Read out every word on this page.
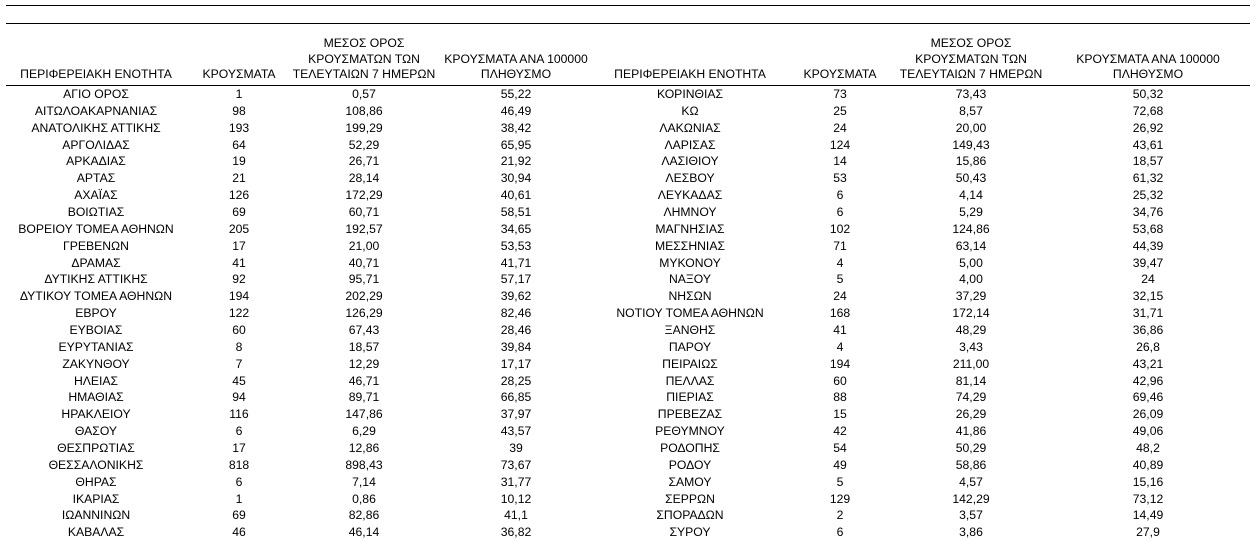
ΠΕΡΙΦΕΡΕΙΑΚΗ ΕΝΟΤΗΤΑ	ΚΡΟΥΣΜΑΤΑ	ΜΕΣΟΣ ΟΡΟΣ
ΚΡΟΥΣΜΑΤΩΝ ΤΩΝ
ΤΕΛΕΥΤΑΙΩΝ 7 ΗΜΕΡΩΝ	ΚΡΟΥΣΜΑΤΑ ΑΝΑ 100000
ΠΛΗΘΥΣΜΟ	ΠΕΡΙΦΕΡΕΙΑΚΗ ΕΝΟΤΗΤΑ	ΚΡΟΥΣΜΑΤΑ	ΜΕΣΟΣ ΟΡΟΣ
ΚΡΟΥΣΜΑΤΩΝ ΤΩΝ
ΤΕΛΕΥΤΑΙΩΝ 7 ΗΜΕΡΩΝ	ΚΡΟΥΣΜΑΤΑ ΑΝΑ 100000
ΠΛΗΘΥΣΜΟ
ΑΓΙΟ ΟΡΟΣ	1	0,57	55,22	ΚΟΡΙΝΘΙΑΣ	73	73,43	50,32
ΑΙΤΩΛΟΑΚΑΡΝΑΝΙΑΣ	98	108,86	46,49	ΚΩ	25	8,57	72,68
ΑΝΑΤΟΛΙΚΗΣ ΑΤΤΙΚΗΣ	193	199,29	38,42	ΛΑΚΩΝΙΑΣ	24	20,00	26,92
ΑΡΓΟΛΙΔΑΣ	64	52,29	65,95	ΛΑΡΙΣΑΣ	124	149,43	43,61
ΑΡΚΑΔΙΑΣ	19	26,71	21,92	ΛΑΣΙΘΙΟΥ	14	15,86	18,57
ΑΡΤΑΣ	21	28,14	30,94	ΛΕΣΒΟΥ	53	50,43	61,32
ΑΧΑΪΑΣ	126	172,29	40,61	ΛΕΥΚΑΔΑΣ	6	4,14	25,32
ΒΟΙΩΤΙΑΣ	69	60,71	58,51	ΛΗΜΝΟΥ	6	5,29	34,76
ΒΟΡΕΙΟΥ ΤΟΜΕΑ ΑΘΗΝΩΝ	205	192,57	34,65	ΜΑΓΝΗΣΙΑΣ	102	124,86	53,68
ΓΡΕΒΕΝΩΝ	17	21,00	53,53	ΜΕΣΣΗΝΙΑΣ	71	63,14	44,39
ΔΡΑΜΑΣ	41	40,71	41,71	ΜΥΚΟΝΟΥ	4	5,00	39,47
ΔΥΤΙΚΗΣ ΑΤΤΙΚΗΣ	92	95,71	57,17	ΝΑΞΟΥ	5	4,00	24
ΔΥΤΙΚΟΥ ΤΟΜΕΑ ΑΘΗΝΩΝ	194	202,29	39,62	ΝΗΣΩΝ	24	37,29	32,15
ΕΒΡΟΥ	122	126,29	82,46	ΝΟΤΙΟΥ ΤΟΜΕΑ ΑΘΗΝΩΝ	168	172,14	31,71
ΕΥΒΟΙΑΣ	60	67,43	28,46	ΞΑΝΘΗΣ	41	48,29	36,86
ΕΥΡΥΤΑΝΙΑΣ	8	18,57	39,84	ΠΑΡΟΥ	4	3,43	26,8
ΖΑΚΥΝΘΟΥ	7	12,29	17,17	ΠΕΙΡΑΙΩΣ	194	211,00	43,21
ΗΛΕΙΑΣ	45	46,71	28,25	ΠΕΛΛΑΣ	60	81,14	42,96
ΗΜΑΘΙΑΣ	94	89,71	66,85	ΠΙΕΡΙΑΣ	88	74,29	69,46
ΗΡΑΚΛΕΙΟΥ	116	147,86	37,97	ΠΡΕΒΕΖΑΣ	15	26,29	26,09
ΘΑΣΟΥ	6	6,29	43,57	ΡΕΘΥΜΝΟΥ	42	41,86	49,06
ΘΕΣΠΡΩΤΙΑΣ	17	12,86	39	ΡΟΔΟΠΗΣ	54	50,29	48,2
ΘΕΣΣΑΛΟΝΙΚΗΣ	818	898,43	73,67	ΡΟΔΟΥ	49	58,86	40,89
ΘΗΡΑΣ	6	7,14	31,77	ΣΑΜΟΥ	5	4,57	15,16
ΙΚΑΡΙΑΣ	1	0,86	10,12	ΣΕΡΡΩΝ	129	142,29	73,12
ΙΩΑΝΝΙΝΩΝ	69	82,86	41,1	ΣΠΟΡΑΔΩΝ	2	3,57	14,49
ΚΑΒΑΛΑΣ	46	46,14	36,82	ΣΥΡΟΥ	6	3,86	27,9
